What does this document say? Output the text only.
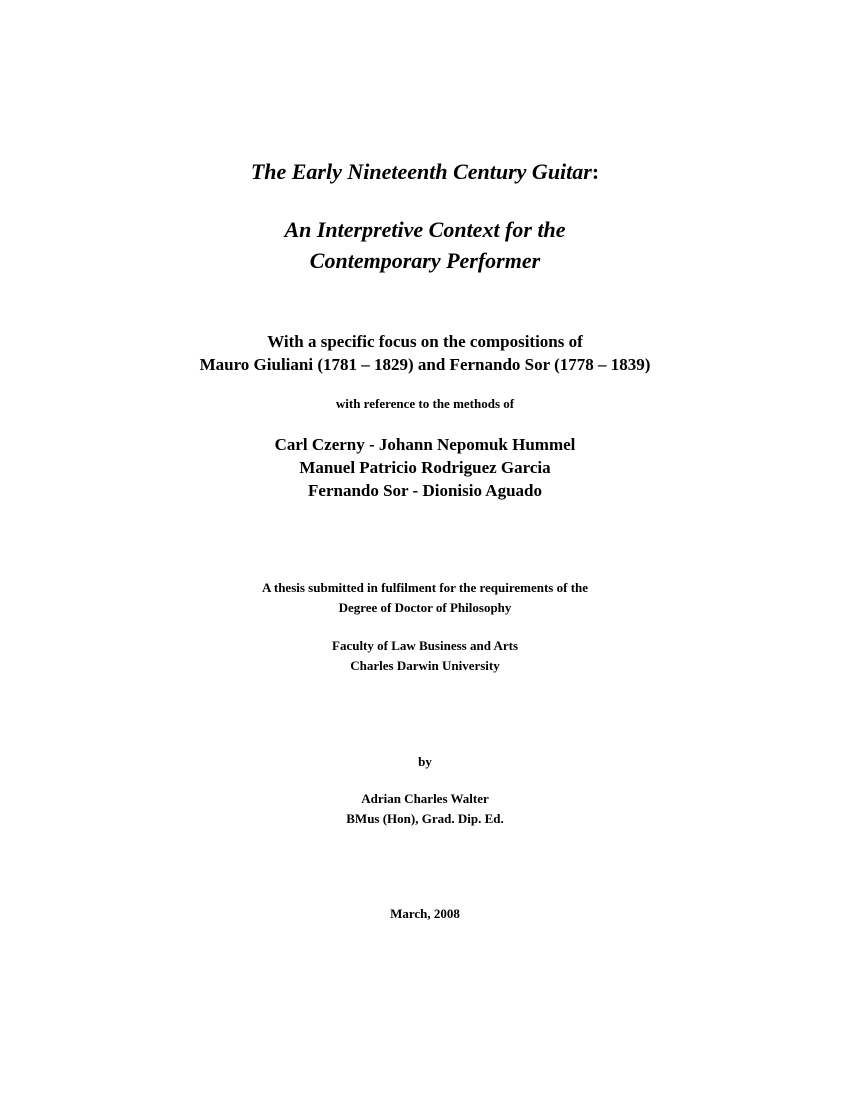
The Early Nineteenth Century Guitar:
An Interpretive Context for the
Contemporary Performer
With a specific focus on the compositions of
Mauro Giuliani (1781 – 1829) and Fernando Sor (1778 – 1839)
with reference to the methods of
Carl Czerny - Johann Nepomuk Hummel
Manuel Patricio Rodriguez Garcia
Fernando Sor - Dionisio Aguado
A thesis submitted in fulfilment for the requirements of the
Degree of Doctor of Philosophy
Faculty of Law Business and Arts
Charles Darwin University
by
Adrian Charles Walter
BMus (Hon), Grad. Dip. Ed.
March, 2008
